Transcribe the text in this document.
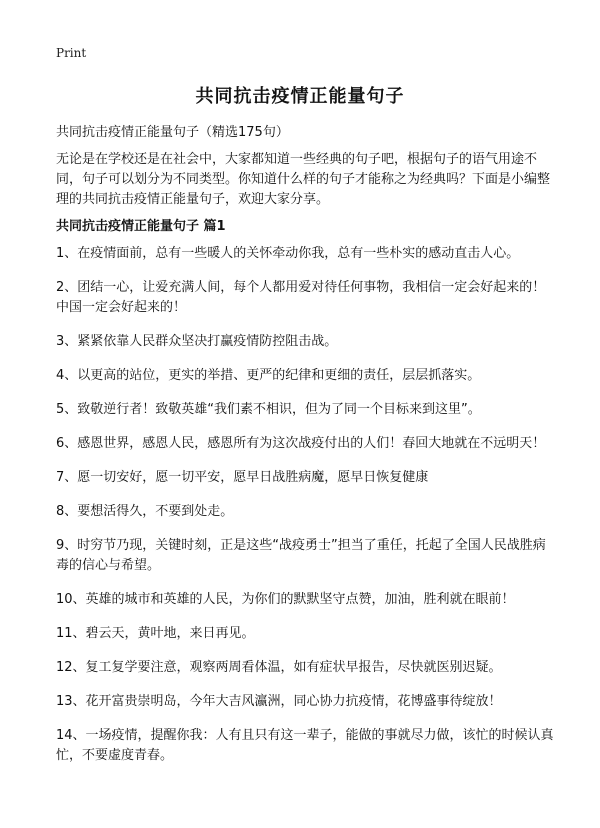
Print
共同抗击疫情正能量句子

共同抗击疫情正能量句子（精选175句）

无论是在学校还是在社会中，大家都知道一些经典的句子吧，根据句子的语气用途不同，句子可以划分为不同类型。你知道什么样的句子才能称之为经典吗？下面是小编整理的共同抗击疫情正能量句子，欢迎大家分享。

共同抗击疫情正能量句子 篇1
1、在疫情面前，总有一些暖人的关怀牵动你我，总有一些朴实的感动直击人心。
2、团结一心，让爱充满人间，每个人都用爱对待任何事物，我相信一定会好起来的！中国一定会好起来的！
3、紧紧依靠人民群众坚决打赢疫情防控阻击战。
4、以更高的站位，更实的举措、更严的纪律和更细的责任，层层抓落实。
5、致敬逆行者！致敬英雄“我们素不相识，但为了同一个目标来到这里”。
6、感恩世界，感恩人民，感恩所有为这次战疫付出的人们！春回大地就在不远明天！
7、愿一切安好，愿一切平安，愿早日战胜病魔，愿早日恢复健康
8、要想活得久，不要到处走。
9、时穷节乃现，关键时刻，正是这些“战疫勇士”担当了重任，托起了全国人民战胜病毒的信心与希望。
10、英雄的城市和英雄的人民，为你们的默默坚守点赞，加油，胜利就在眼前！
11、碧云天，黄叶地，来日再见。
12、复工复学要注意，观察两周看体温，如有症状早报告，尽快就医别迟疑。
13、花开富贵崇明岛，今年大吉风瀛洲，同心协力抗疫情，花博盛事待绽放！
14、一场疫情，提醒你我：人有且只有这一辈子，能做的事就尽力做，该忙的时候认真忙，不要虚度青春。
